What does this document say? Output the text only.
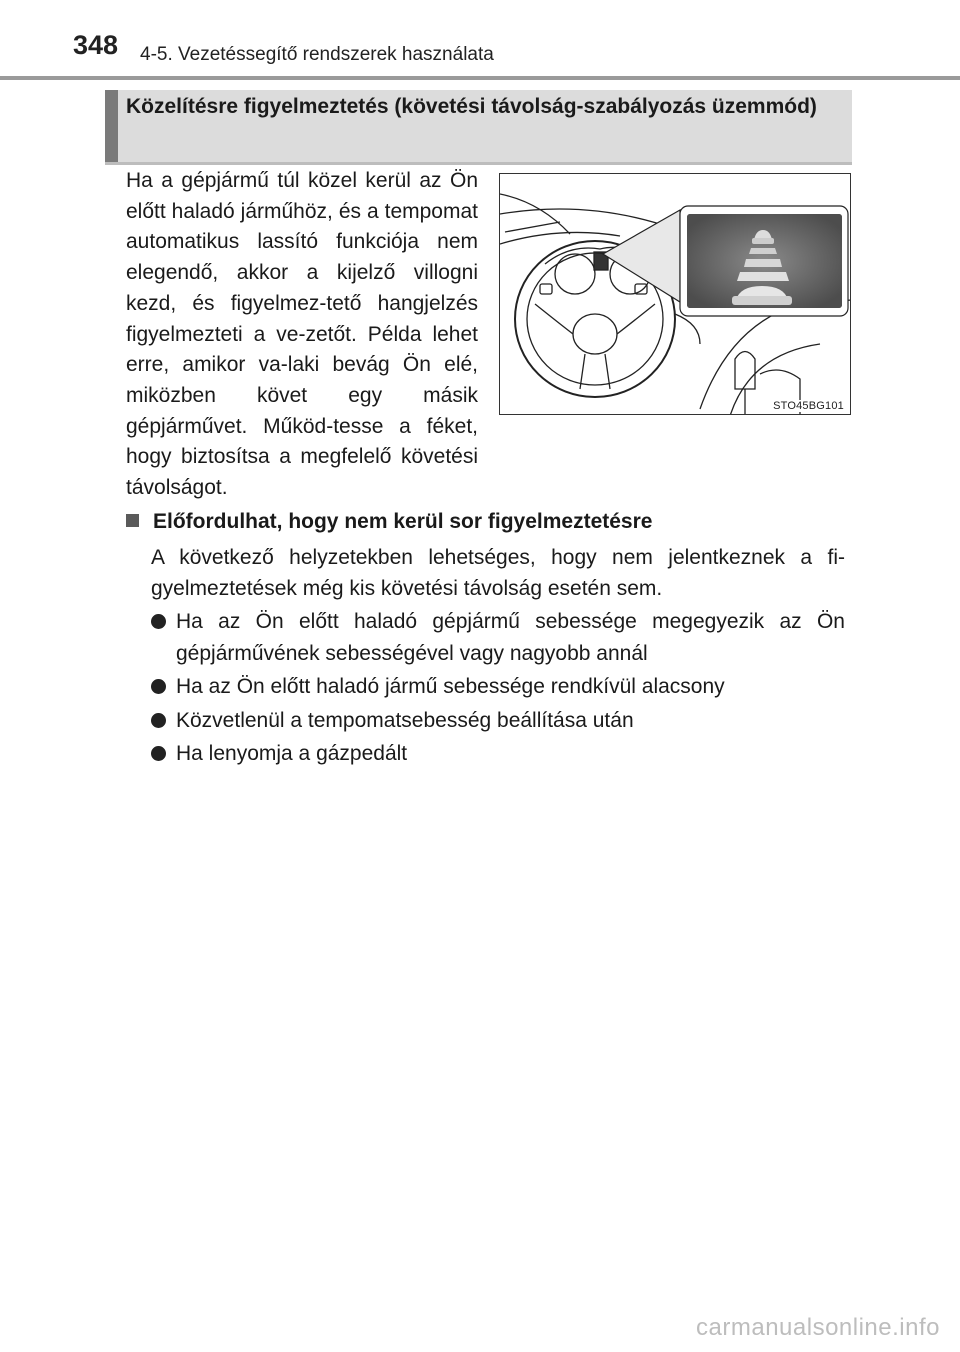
348 4-5. Vezetéssegítő rendszerek használata
Közelítésre figyelmeztetés (követési távolság-szabályozás üzemmód)

Ha a gépjármű túl közel kerül az Ön előtt haladó járműhöz, és a tempomat automatikus lassító funkciója nem elegendő, akkor a kijelző villogni kezd, és figyelmez-tető hangjelzés figyelmezteti a ve-zetőt. Példa lehet erre, amikor va-laki bevág Ön elé, miközben követ egy másik gépjárművet. Működ-tesse a féket, hogy biztosítsa a megfelelő követési távolságot.

STO45BG101
Előfordulhat, hogy nem kerül sor figyelmeztetésre

A következő helyzetekben lehetséges, hogy nem jelentkeznek a fi-gyelmeztetések még kis követési távolság esetén sem.

Ha az Ön előtt haladó gépjármű sebessége megegyezik az Ön gépjárművének sebességével vagy nagyobb annál
Ha az Ön előtt haladó jármű sebessége rendkívül alacsony
Közvetlenül a tempomatsebesség beállítása után
Ha lenyomja a gázpedált
carmanualsonline.info
